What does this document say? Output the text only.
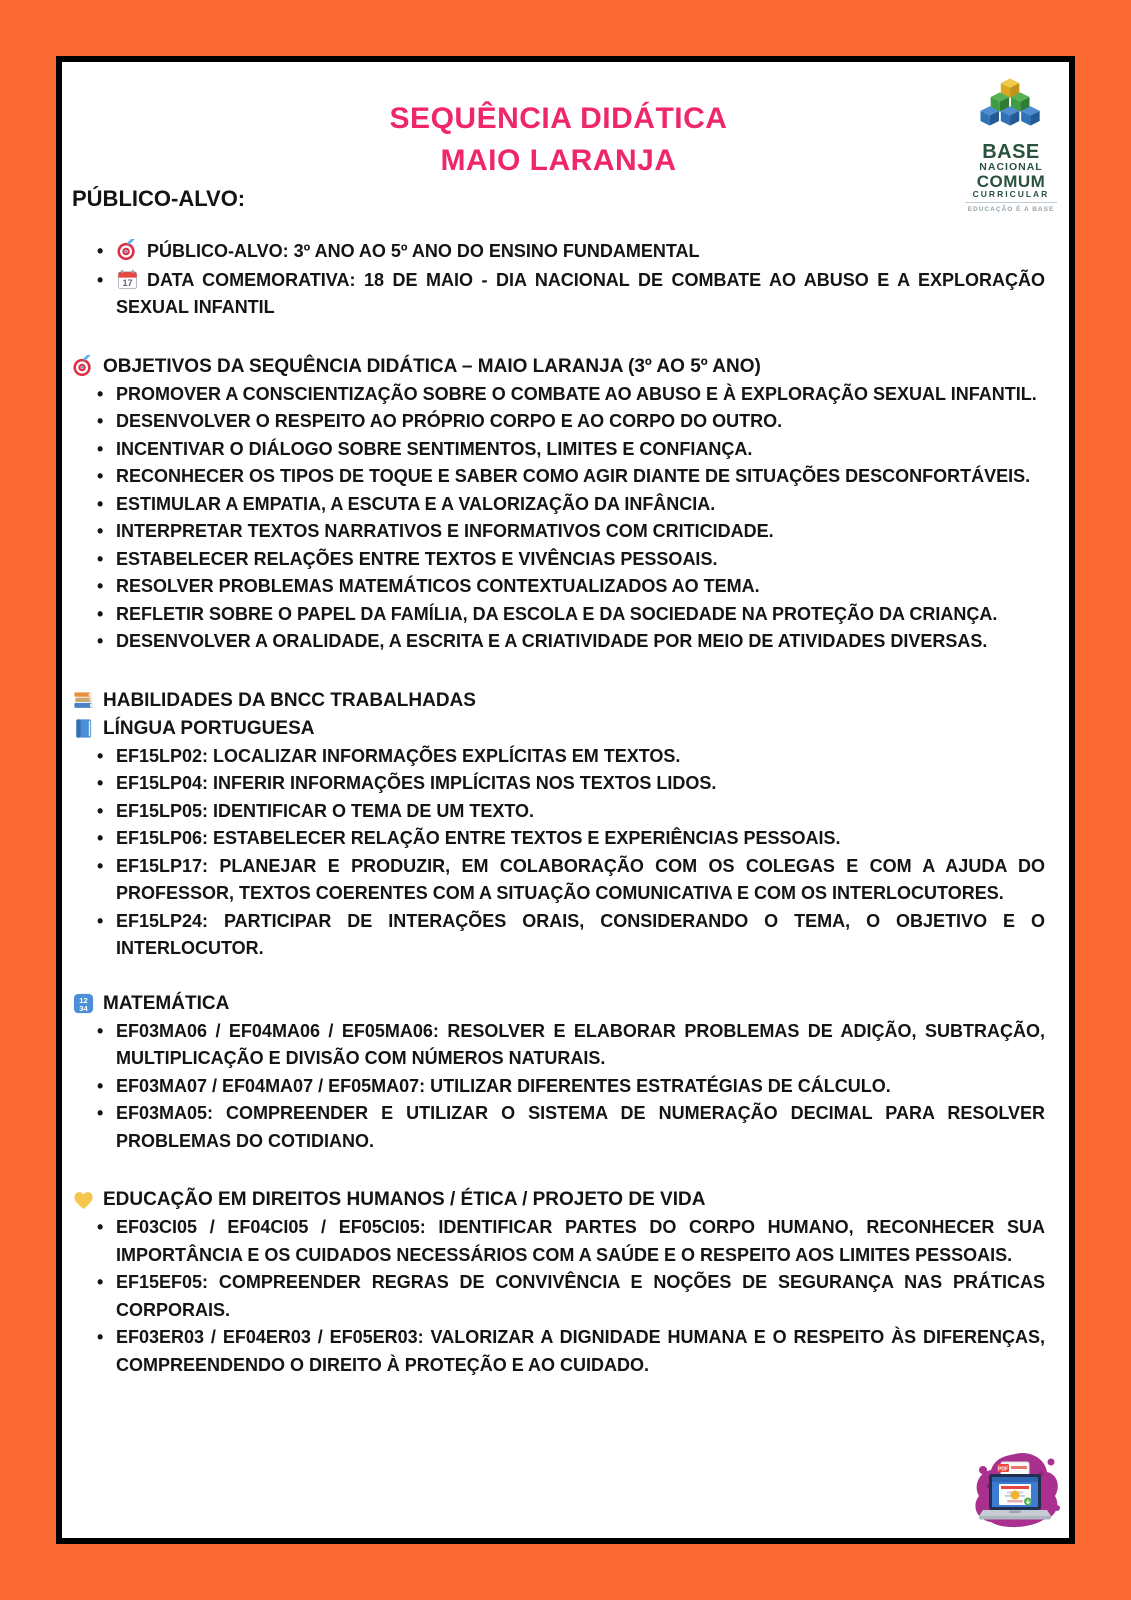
BASE
NACIONAL
COMUM
CURRICULAR
EDUCAÇÃO É A BASE
SEQUÊNCIA DIDÁTICA
MAIO LARANJA
PÚBLICO-ALVO:
• PÚBLICO-ALVO: 3º ANO AO 5º ANO DO ENSINO FUNDAMENTAL
• DATA COMEMORATIVA: 18 DE MAIO - DIA NACIONAL DE COMBATE AO ABUSO E A EXPLORAÇÃO SEXUAL INFANTIL
OBJETIVOS DA SEQUÊNCIA DIDÁTICA – MAIO LARANJA (3º AO 5º ANO)
• PROMOVER A CONSCIENTIZAÇÃO SOBRE O COMBATE AO ABUSO E À EXPLORAÇÃO SEXUAL INFANTIL.
• DESENVOLVER O RESPEITO AO PRÓPRIO CORPO E AO CORPO DO OUTRO.
• INCENTIVAR O DIÁLOGO SOBRE SENTIMENTOS, LIMITES E CONFIANÇA.
• RECONHECER OS TIPOS DE TOQUE E SABER COMO AGIR DIANTE DE SITUAÇÕES DESCONFORTÁVEIS.
• ESTIMULAR A EMPATIA, A ESCUTA E A VALORIZAÇÃO DA INFÂNCIA.
• INTERPRETAR TEXTOS NARRATIVOS E INFORMATIVOS COM CRITICIDADE.
• ESTABELECER RELAÇÕES ENTRE TEXTOS E VIVÊNCIAS PESSOAIS.
• RESOLVER PROBLEMAS MATEMÁTICOS CONTEXTUALIZADOS AO TEMA.
• REFLETIR SOBRE O PAPEL DA FAMÍLIA, DA ESCOLA E DA SOCIEDADE NA PROTEÇÃO DA CRIANÇA.
• DESENVOLVER A ORALIDADE, A ESCRITA E A CRIATIVIDADE POR MEIO DE ATIVIDADES DIVERSAS.
HABILIDADES DA BNCC TRABALHADAS
LÍNGUA PORTUGUESA
• EF15LP02: LOCALIZAR INFORMAÇÕES EXPLÍCITAS EM TEXTOS.
• EF15LP04: INFERIR INFORMAÇÕES IMPLÍCITAS NOS TEXTOS LIDOS.
• EF15LP05: IDENTIFICAR O TEMA DE UM TEXTO.
• EF15LP06: ESTABELECER RELAÇÃO ENTRE TEXTOS E EXPERIÊNCIAS PESSOAIS.
• EF15LP17: PLANEJAR E PRODUZIR, EM COLABORAÇÃO COM OS COLEGAS E COM A AJUDA DO PROFESSOR, TEXTOS COERENTES COM A SITUAÇÃO COMUNICATIVA E COM OS INTERLOCUTORES.
• EF15LP24: PARTICIPAR DE INTERAÇÕES ORAIS, CONSIDERANDO O TEMA, O OBJETIVO E O INTERLOCUTOR.
MATEMÁTICA
• EF03MA06 / EF04MA06 / EF05MA06: RESOLVER E ELABORAR PROBLEMAS DE ADIÇÃO, SUBTRAÇÃO, MULTIPLICAÇÃO E DIVISÃO COM NÚMEROS NATURAIS.
• EF03MA07 / EF04MA07 / EF05MA07: UTILIZAR DIFERENTES ESTRATÉGIAS DE CÁLCULO.
• EF03MA05: COMPREENDER E UTILIZAR O SISTEMA DE NUMERAÇÃO DECIMAL PARA RESOLVER PROBLEMAS DO COTIDIANO.
EDUCAÇÃO EM DIREITOS HUMANOS / ÉTICA / PROJETO DE VIDA
• EF03CI05 / EF04CI05 / EF05CI05: IDENTIFICAR PARTES DO CORPO HUMANO, RECONHECER SUA IMPORTÂNCIA E OS CUIDADOS NECESSÁRIOS COM A SAÚDE E O RESPEITO AOS LIMITES PESSOAIS.
• EF15EF05: COMPREENDER REGRAS DE CONVIVÊNCIA E NOÇÕES DE SEGURANÇA NAS PRÁTICAS CORPORAIS.
• EF03ER03 / EF04ER03 / EF05ER03: VALORIZAR A DIGNIDADE HUMANA E O RESPEITO ÀS DIFERENÇAS, COMPREENDENDO O DIREITO À PROTEÇÃO E AO CUIDADO.
PDF
